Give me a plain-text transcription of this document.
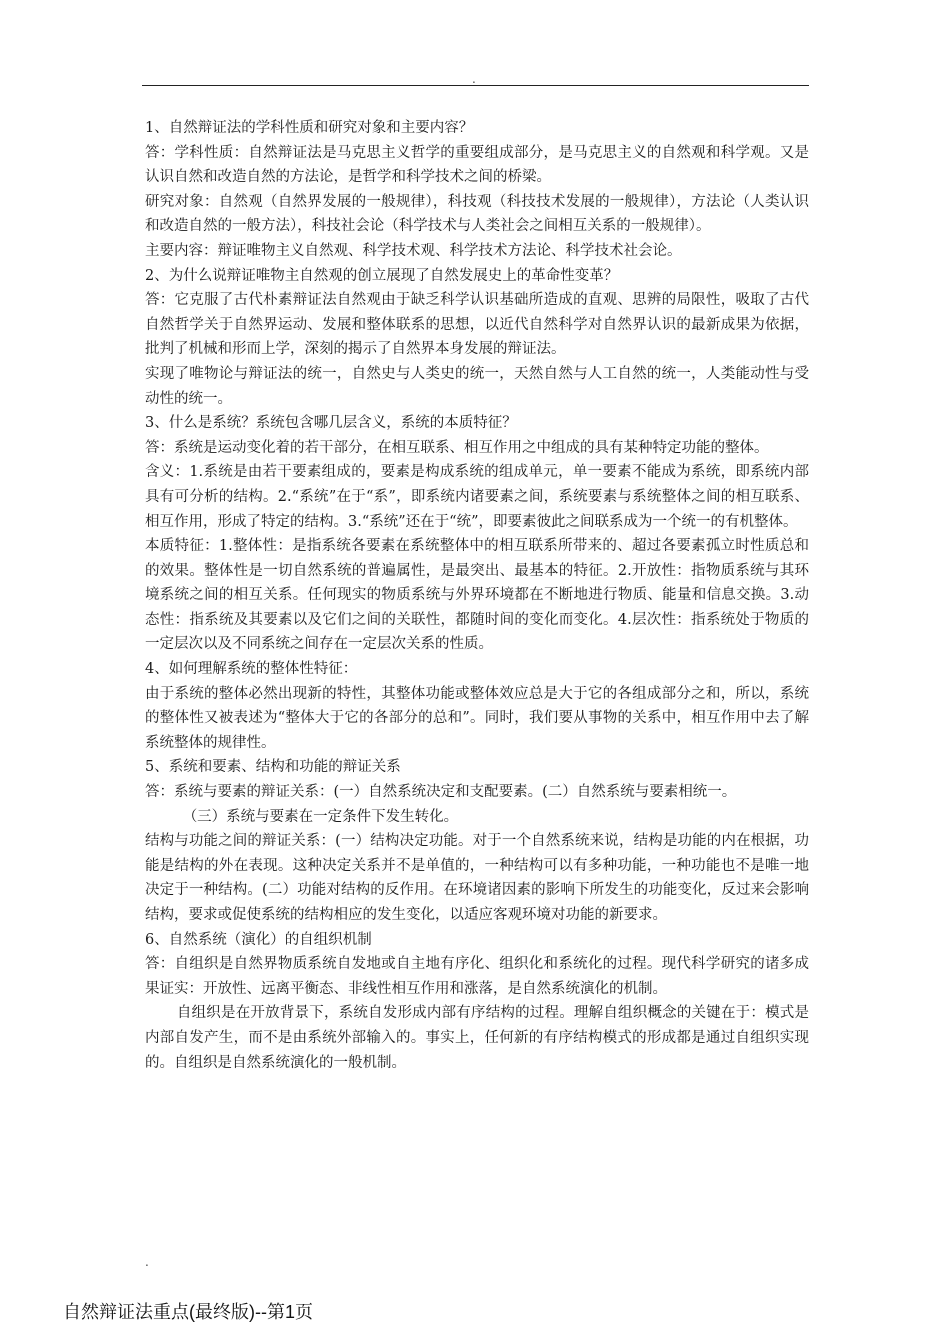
.

1、自然辩证法的学科性质和研究对象和主要内容？

答：学科性质：自然辩证法是马克思主义哲学的重要组成部分，是马克思主义的自然观和科学观。又是认识自然和改造自然的方法论，是哲学和科学技术之间的桥梁。

研究对象：自然观（自然界发展的一般规律），科技观（科技技术发展的一般规律），方法论（人类认识和改造自然的一般方法），科技社会论（科学技术与人类社会之间相互关系的一般规律）。

主要内容：辩证唯物主义自然观、科学技术观、科学技术方法论、科学技术社会论。

2、为什么说辩证唯物主自然观的创立展现了自然发展史上的革命性变革？

答：它克服了古代朴素辩证法自然观由于缺乏科学认识基础所造成的直观、思辨的局限性，吸取了古代自然哲学关于自然界运动、发展和整体联系的思想，以近代自然科学对自然界认识的最新成果为依据，批判了机械和形而上学，深刻的揭示了自然界本身发展的辩证法。

实现了唯物论与辩证法的统一，自然史与人类史的统一，天然自然与人工自然的统一，人类能动性与受动性的统一。

3、什么是系统？系统包含哪几层含义，系统的本质特征？

答：系统是运动变化着的若干部分，在相互联系、相互作用之中组成的具有某种特定功能的整体。

含义：1.系统是由若干要素组成的，要素是构成系统的组成单元，单一要素不能成为系统，即系统内部具有可分析的结构。2.“系统”在于“系”，即系统内诸要素之间，系统要素与系统整体之间的相互联系、相互作用，形成了特定的结构。3.“系统”还在于“统”，即要素彼此之间联系成为一个统一的有机整体。

本质特征：1.整体性：是指系统各要素在系统整体中的相互联系所带来的、超过各要素孤立时性质总和的效果。整体性是一切自然系统的普遍属性，是最突出、最基本的特征。2.开放性：指物质系统与其环境系统之间的相互关系。任何现实的物质系统与外界环境都在不断地进行物质、能量和信息交换。3.动态性：指系统及其要素以及它们之间的关联性，都随时间的变化而变化。4.层次性：指系统处于物质的一定层次以及不同系统之间存在一定层次关系的性质。

4、如何理解系统的整体性特征：

由于系统的整体必然出现新的特性，其整体功能或整体效应总是大于它的各组成部分之和，所以，系统的整体性又被表述为“整体大于它的各部分的总和”。同时，我们要从事物的关系中，相互作用中去了解系统整体的规律性。

5、系统和要素、结构和功能的辩证关系

答：系统与要素的辩证关系：(一）自然系统决定和支配要素。(二）自然系统与要素相统一。

（三）系统与要素在一定条件下发生转化。

结构与功能之间的辩证关系：(一）结构决定功能。对于一个自然系统来说，结构是功能的内在根据，功能是结构的外在表现。这种决定关系并不是单值的，一种结构可以有多种功能，一种功能也不是唯一地决定于一种结构。(二）功能对结构的反作用。在环境诸因素的影响下所发生的功能变化，反过来会影响结构，要求或促使系统的结构相应的发生变化，以适应客观环境对功能的新要求。

6、自然系统（演化）的自组织机制

答：自组织是自然界物质系统自发地或自主地有序化、组织化和系统化的过程。现代科学研究的诸多成果证实：开放性、远离平衡态、非线性相互作用和涨落，是自然系统演化的机制。

自组织是在开放背景下，系统自发形成内部有序结构的过程。理解自组织概念的关键在于：模式是内部自发产生，而不是由系统外部输入的。事实上，任何新的有序结构模式的形成都是通过自组织实现的。自组织是自然系统演化的一般机制。

.
自然辩证法重点(最终版)--第1页
